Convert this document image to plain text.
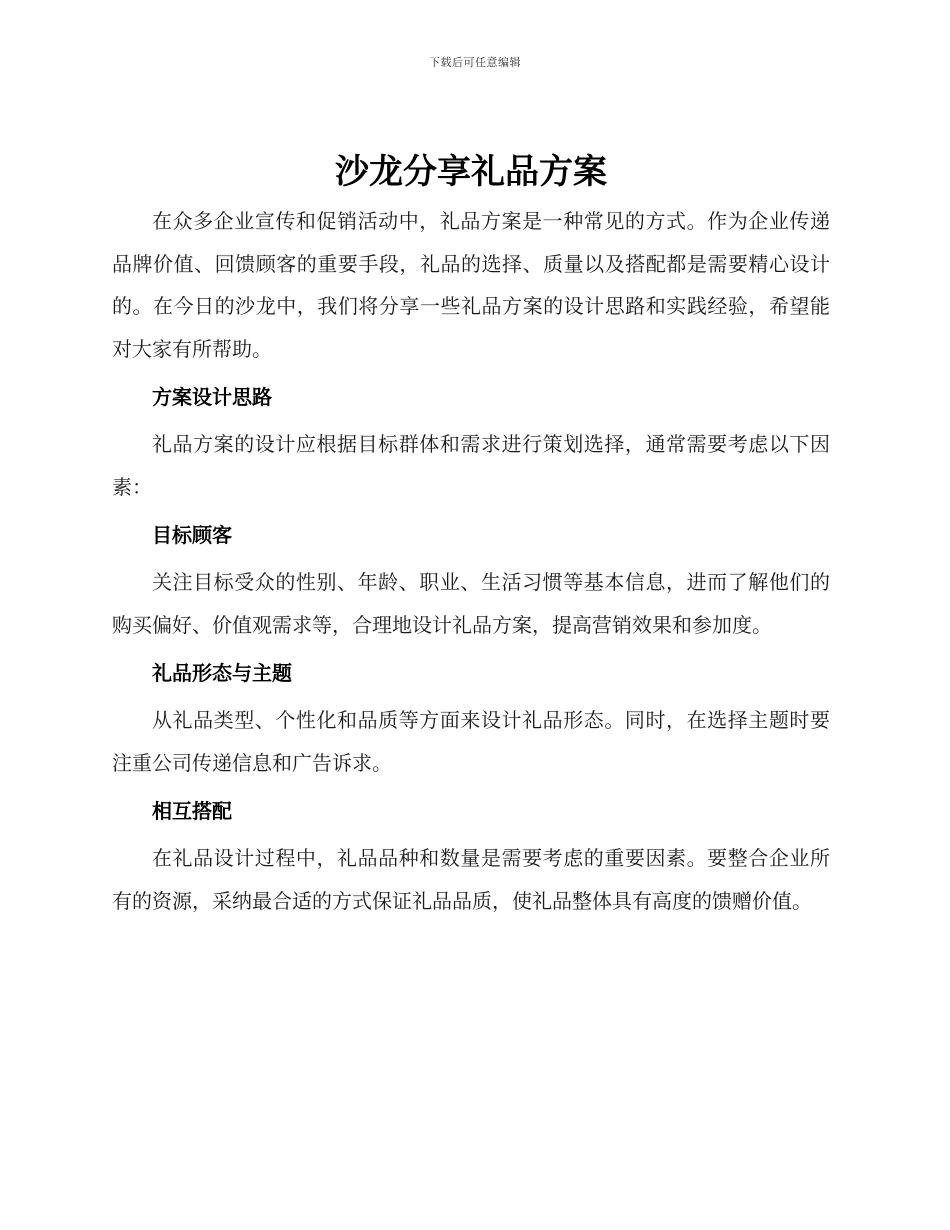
下载后可任意编辑
沙龙分享礼品方案

在众多企业宣传和促销活动中，礼品方案是一种常见的方式。作为企业传递品牌价值、回馈顾客的重要手段，礼品的选择、质量以及搭配都是需要精心设计的。在今日的沙龙中，我们将分享一些礼品方案的设计思路和实践经验，希望能对大家有所帮助。

方案设计思路

礼品方案的设计应根据目标群体和需求进行策划选择，通常需要考虑以下因素：

目标顾客

关注目标受众的性别、年龄、职业、生活习惯等基本信息，进而了解他们的购买偏好、价值观需求等，合理地设计礼品方案，提高营销效果和参加度。

礼品形态与主题

从礼品类型、个性化和品质等方面来设计礼品形态。同时，在选择主题时要注重公司传递信息和广告诉求。

相互搭配

在礼品设计过程中，礼品品种和数量是需要考虑的重要因素。要整合企业所有的资源，采纳最合适的方式保证礼品品质，使礼品整体具有高度的馈赠价值。
